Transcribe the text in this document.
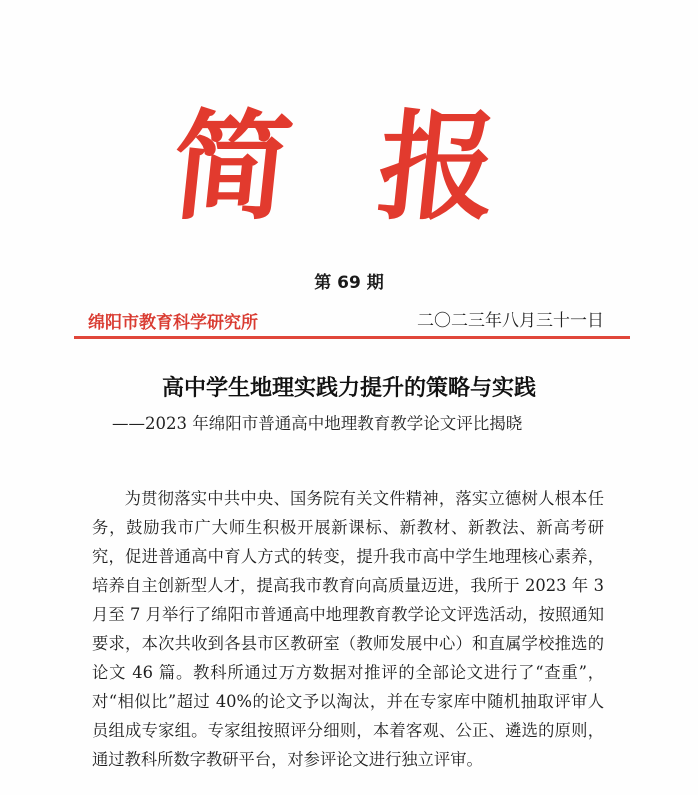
简报
第 69 期
绵阳市教育科学研究所	二〇二三年八月三十一日
高中学生地理实践力提升的策略与实践
——2023 年绵阳市普通高中地理教育教学论文评比揭晓

为贯彻落实中共中央、国务院有关文件精神，落实立德树人根本任务，鼓励我市广大师生积极开展新课标、新教材、新教法、新高考研究，促进普通高中育人方式的转变，提升我市高中学生地理核心素养，培养自主创新型人才，提高我市教育向高质量迈进，我所于 2023 年 3 月至 7 月举行了绵阳市普通高中地理教育教学论文评选活动，按照通知要求，本次共收到各县市区教研室（教师发展中心）和直属学校推选的论文 46 篇。教科所通过万方数据对推评的全部论文进行了“查重”，对“相似比”超过 40%的论文予以淘汰，并在专家库中随机抽取评审人员组成专家组。专家组按照评分细则，本着客观、公正、遴选的原则，通过教科所数字教研平台，对参评论文进行独立评审。
